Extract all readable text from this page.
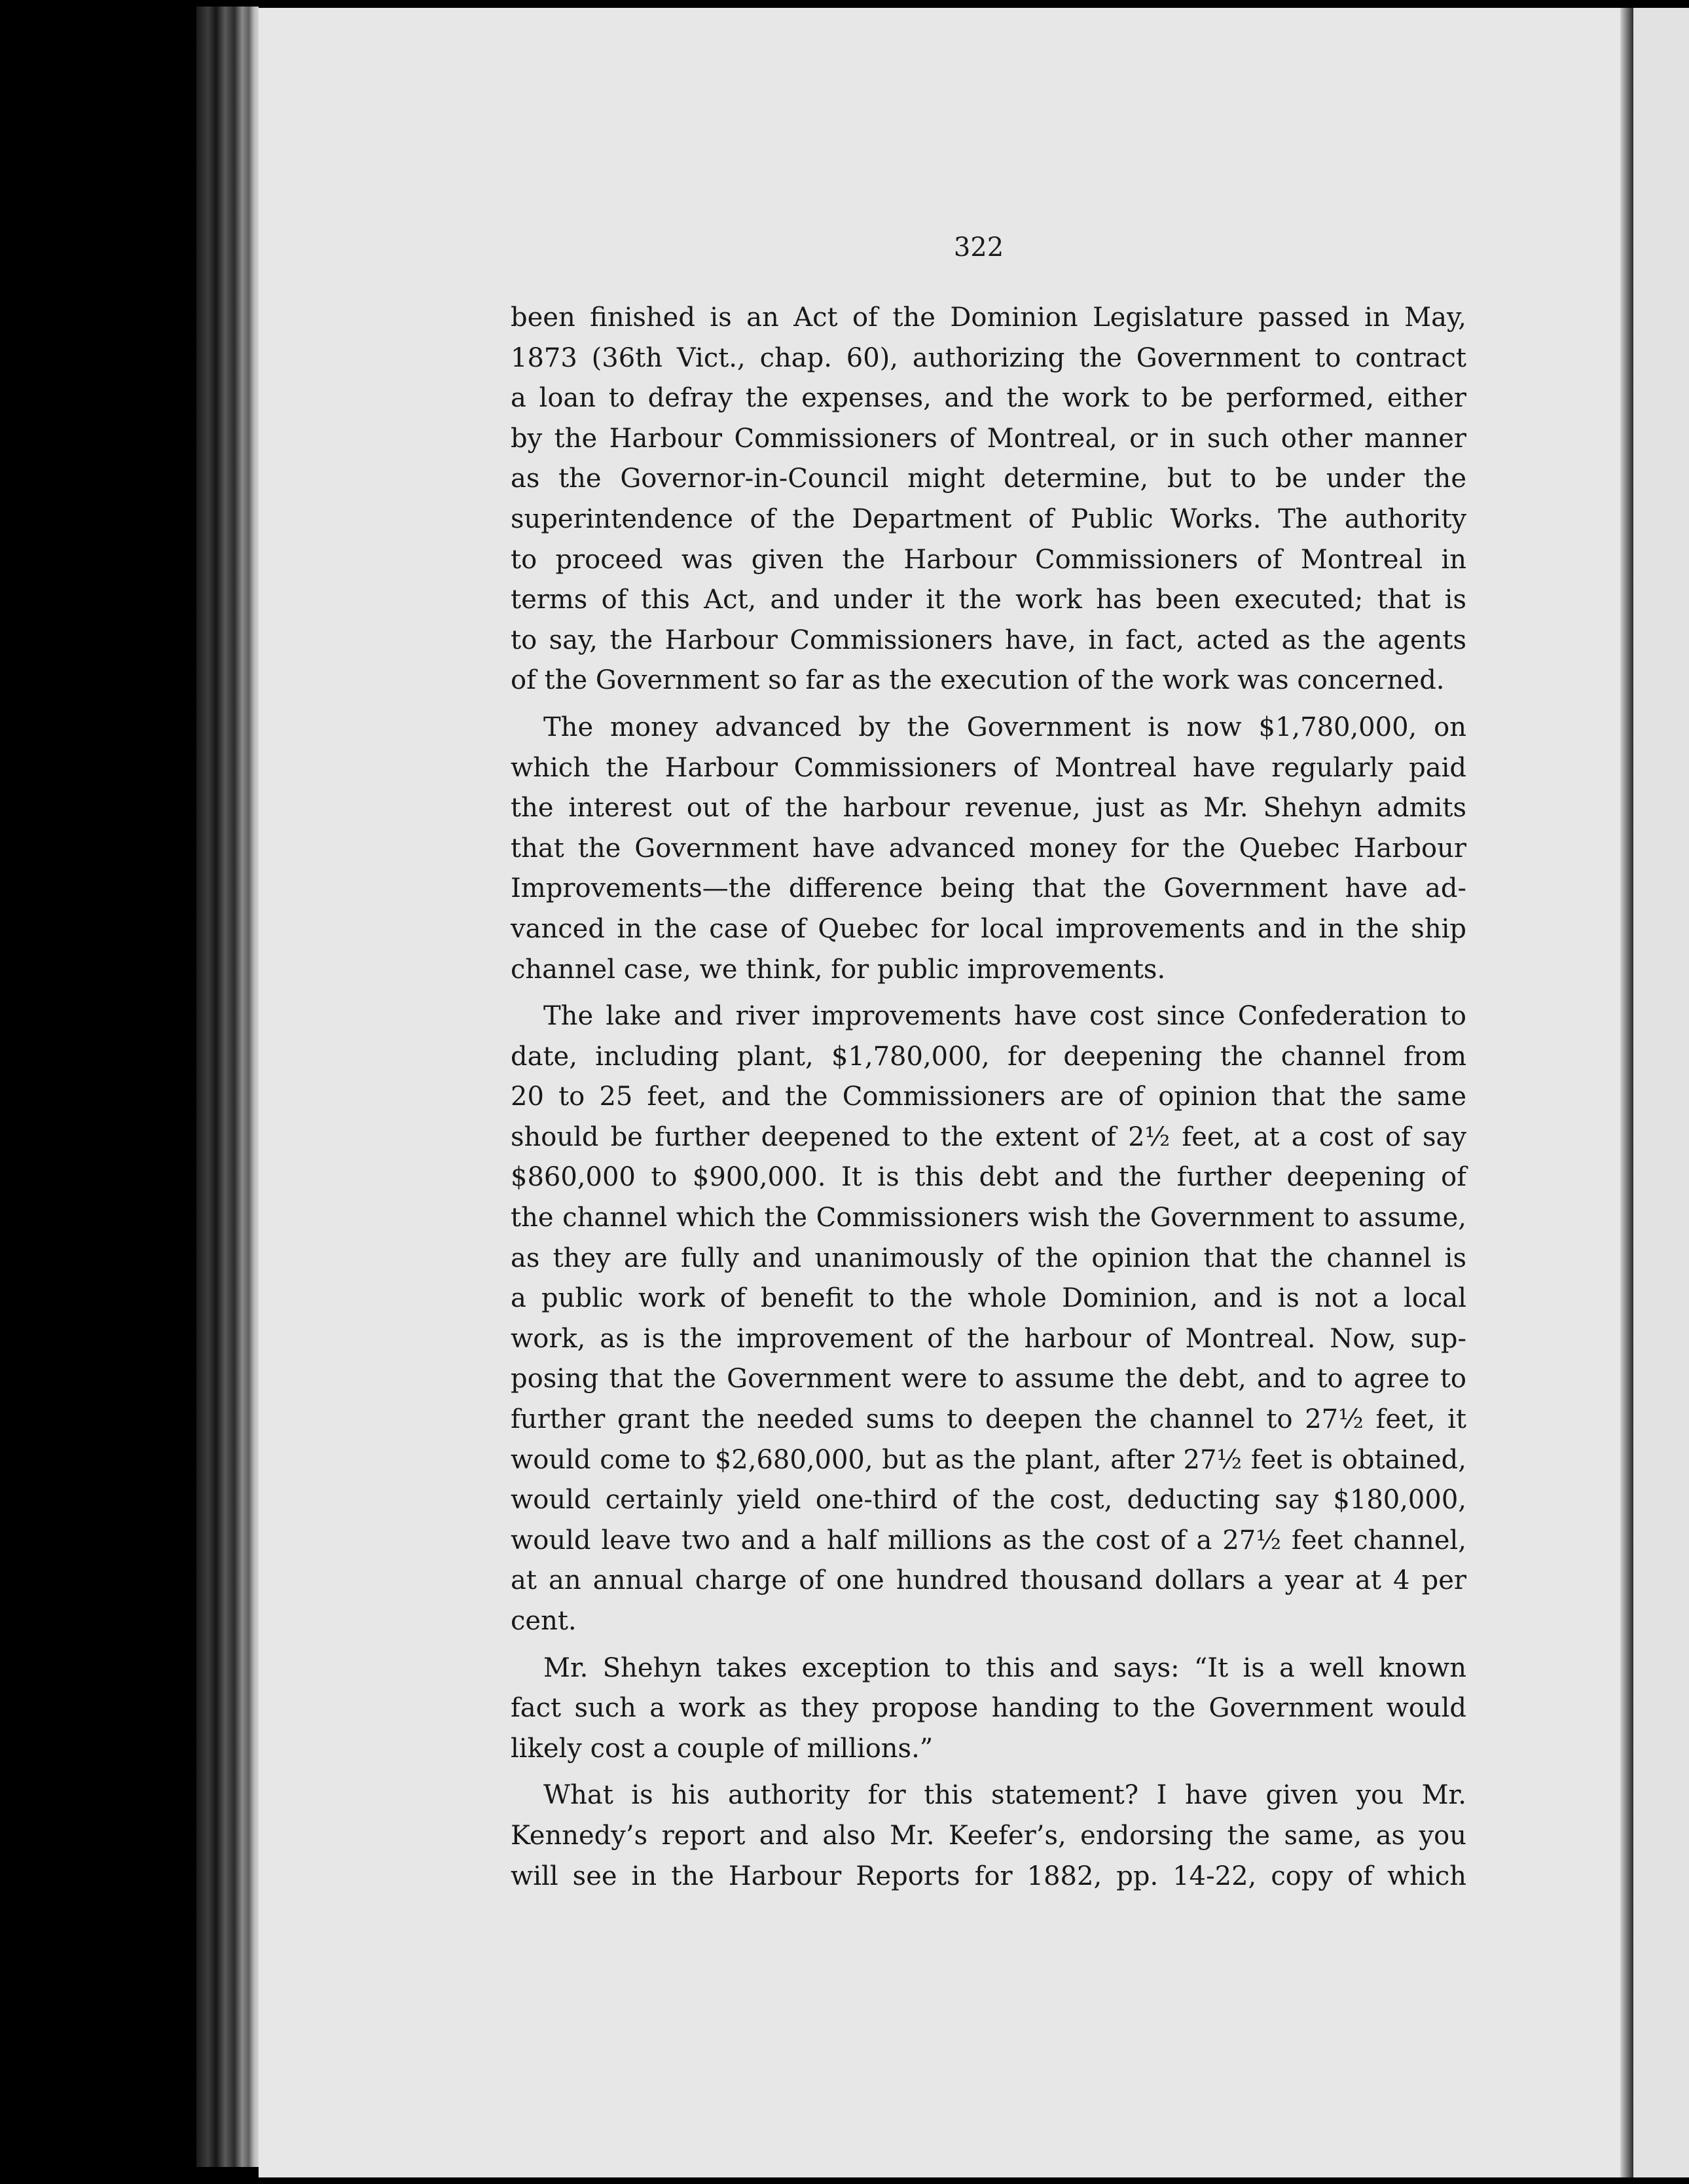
322

been finished is an Act of the Dominion Legislature passed in May,
1873 (36th Vict., chap. 60), authorizing the Government to contract
a loan to defray the expenses, and the work to be performed, either
by the Harbour Commissioners of Montreal, or in such other manner
as the Governor-in-Council might determine, but to be under the
superintendence of the Department of Public Works. The authority
to proceed was given the Harbour Commissioners of Montreal in
terms of this Act, and under it the work has been executed; that is
to say, the Harbour Commissioners have, in fact, acted as the agents
of the Government so far as the execution of the work was concerned.
The money advanced by the Government is now $1,780,000, on
which the Harbour Commissioners of Montreal have regularly paid
the interest out of the harbour revenue, just as Mr. Shehyn admits
that the Government have advanced money for the Quebec Harbour
Improvements—the difference being that the Government have ad-
vanced in the case of Quebec for local improvements and in the ship
channel case, we think, for public improvements.
The lake and river improvements have cost since Confederation to
date, including plant, $1,780,000, for deepening the channel from
20 to 25 feet, and the Commissioners are of opinion that the same
should be further deepened to the extent of 2½ feet, at a cost of say
$860,000 to $900,000. It is this debt and the further deepening of
the channel which the Commissioners wish the Government to assume,
as they are fully and unanimously of the opinion that the channel is
a public work of benefit to the whole Dominion, and is not a local
work, as is the improvement of the harbour of Montreal. Now, sup-
posing that the Government were to assume the debt, and to agree to
further grant the needed sums to deepen the channel to 27½ feet, it
would come to $2,680,000, but as the plant, after 27½ feet is obtained,
would certainly yield one-third of the cost, deducting say $180,000,
would leave two and a half millions as the cost of a 27½ feet channel,
at an annual charge of one hundred thousand dollars a year at 4 per
cent.
Mr. Shehyn takes exception to this and says: “It is a well known
fact such a work as they propose handing to the Government would
likely cost a couple of millions.”
What is his authority for this statement? I have given you Mr.
Kennedy’s report and also Mr. Keefer’s, endorsing the same, as you
will see in the Harbour Reports for 1882, pp. 14-22, copy of which
